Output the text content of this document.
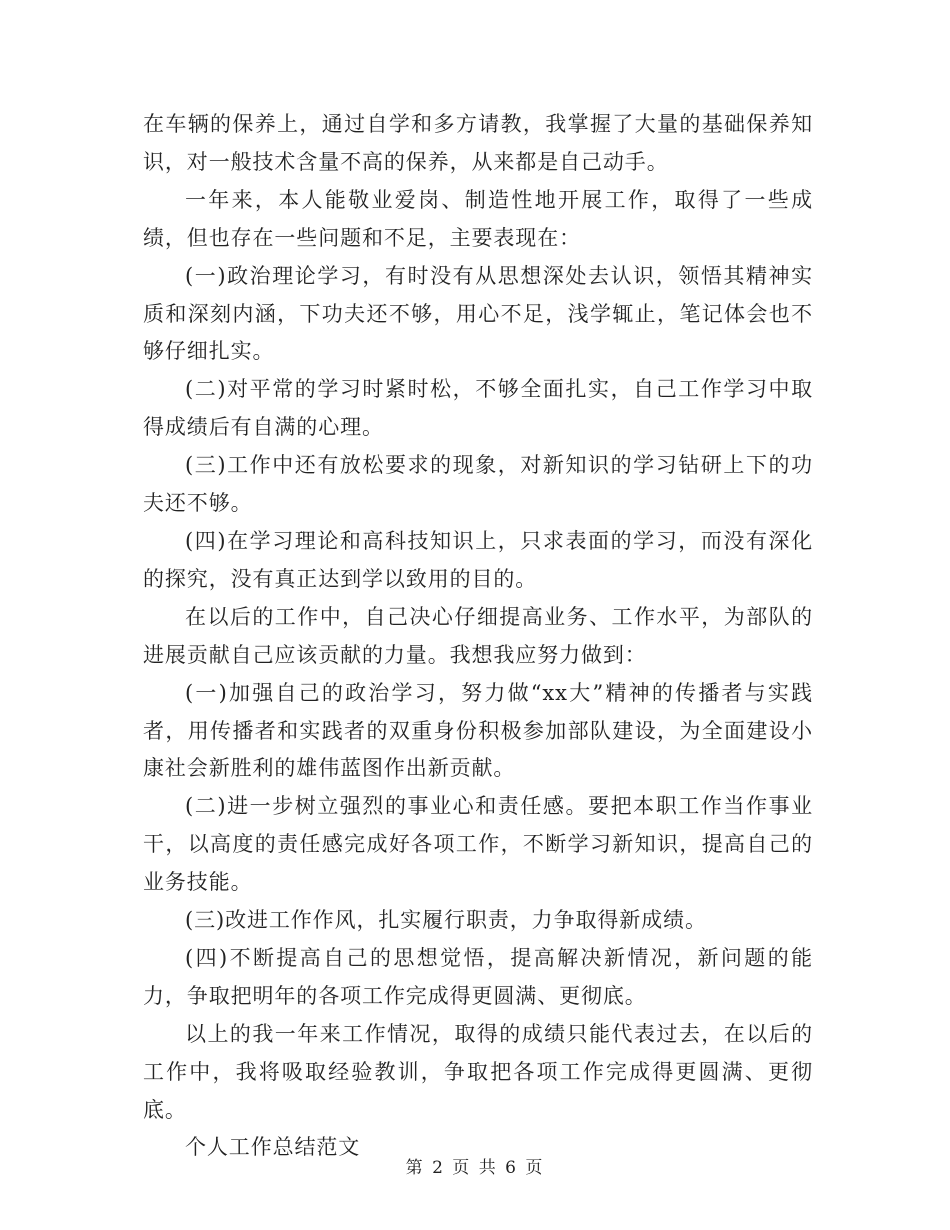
在车辆的保养上，通过自学和多方请教，我掌握了大量的基础保养知识，对一般技术含量不高的保养，从来都是自己动手。

一年来，本人能敬业爱岗、制造性地开展工作，取得了一些成绩，但也存在一些问题和不足，主要表现在：

(一)政治理论学习，有时没有从思想深处去认识，领悟其精神实质和深刻内涵，下功夫还不够，用心不足，浅学辄止，笔记体会也不够仔细扎实。

(二)对平常的学习时紧时松，不够全面扎实，自己工作学习中取得成绩后有自满的心理。

(三)工作中还有放松要求的现象，对新知识的学习钻研上下的功夫还不够。

(四)在学习理论和高科技知识上，只求表面的学习，而没有深化的探究，没有真正达到学以致用的目的。

在以后的工作中，自己决心仔细提高业务、工作水平，为部队的进展贡献自己应该贡献的力量。我想我应努力做到：

(一)加强自己的政治学习，努力做“xx大”精神的传播者与实践者，用传播者和实践者的双重身份积极参加部队建设，为全面建设小康社会新胜利的雄伟蓝图作出新贡献。

(二)进一步树立强烈的事业心和责任感。要把本职工作当作事业干，以高度的责任感完成好各项工作，不断学习新知识，提高自己的业务技能。

(三)改进工作作风，扎实履行职责，力争取得新成绩。

(四)不断提高自己的思想觉悟，提高解决新情况，新问题的能力，争取把明年的各项工作完成得更圆满、更彻底。

以上的我一年来工作情况，取得的成绩只能代表过去，在以后的工作中，我将吸取经验教训，争取把各项工作完成得更圆满、更彻底。

个人工作总结范文

第 2 页 共 6 页
